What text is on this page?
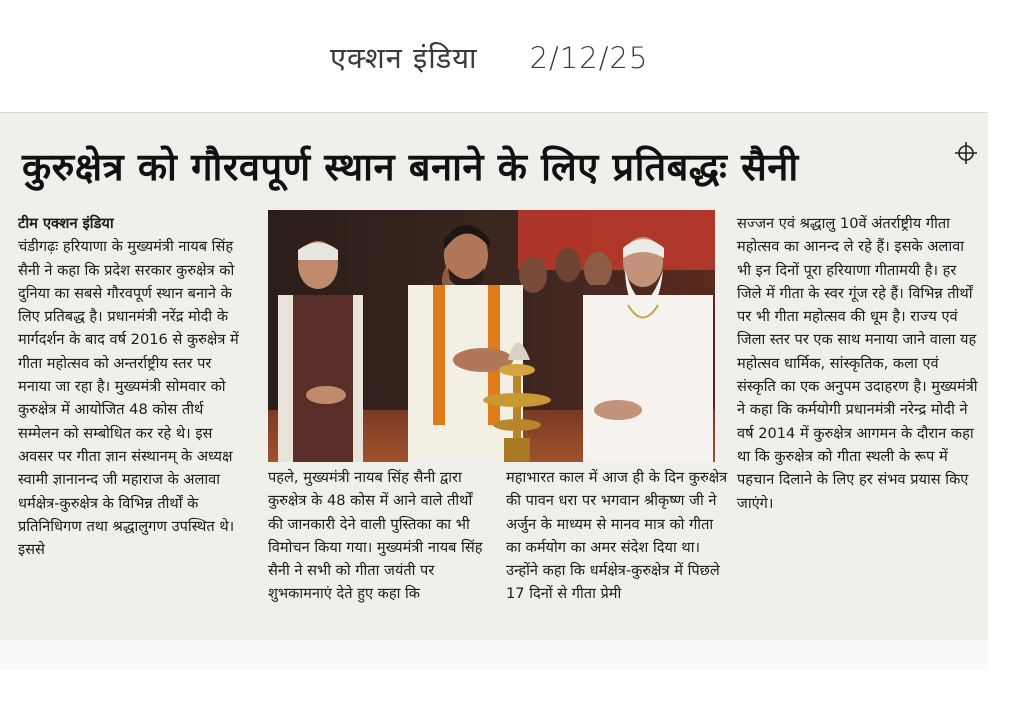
एक्शन इंडिया 2/12/25
कुरुक्षेत्र को गौरवपूर्ण स्थान बनाने के लिए प्रतिबद्धः सैनी

टीम एक्शन इंडिया

चंडीगढ़ः हरियाणा के मुख्यमंत्री नायब सिंह सैनी ने कहा कि प्रदेश सरकार कुरुक्षेत्र को दुनिया का सबसे गौरवपूर्ण स्थान बनाने के लिए प्रतिबद्ध है। प्रधानमंत्री नरेंद्र मोदी के मार्गदर्शन के बाद वर्ष 2016 से कुरुक्षेत्र में गीता महोत्सव को अन्तर्राष्ट्रीय स्तर पर मनाया जा रहा है। मुख्यमंत्री सोमवार को कुरुक्षेत्र में आयोजित 48 कोस तीर्थ सम्मेलन को सम्बोधित कर रहे थे। इस अवसर पर गीता ज्ञान संस्थानम् के अध्यक्ष स्वामी ज्ञानानन्द जी महाराज के अलावा धर्मक्षेत्र-कुरुक्षेत्र के विभिन्न तीर्थों के प्रतिनिधिगण तथा श्रद्धालुगण उपस्थित थे। इससे

पहले, मुख्यमंत्री नायब सिंह सैनी द्वारा कुरुक्षेत्र के 48 कोस में आने वाले तीर्थों की जानकारी देने वाली पुस्तिका का भी विमोचन किया गया। मुख्यमंत्री नायब सिंह सैनी ने सभी को गीता जयंती पर शुभकामनाएं देते हुए कहा कि

महाभारत काल में आज ही के दिन कुरुक्षेत्र की पावन धरा पर भगवान श्रीकृष्ण जी ने अर्जुन के माध्यम से मानव मात्र को गीता का कर्मयोग का अमर संदेश दिया था। उन्होंने कहा कि धर्मक्षेत्र-कुरुक्षेत्र में पिछले 17 दिनों से गीता प्रेमी

सज्जन एवं श्रद्धालु 10वें अंतर्राष्ट्रीय गीता महोत्सव का आनन्द ले रहे हैं। इसके अलावा भी इन दिनों पूरा हरियाणा गीतामयी है। हर जिले में गीता के स्वर गूंज रहे हैं। विभिन्न तीर्थों पर भी गीता महोत्सव की धूम है। राज्य एवं जिला स्तर पर एक साथ मनाया जाने वाला यह महोत्सव धार्मिक, सांस्कृतिक, कला एवं संस्कृति का एक अनुपम उदाहरण है। मुख्यमंत्री ने कहा कि कर्मयोगी प्रधानमंत्री नरेन्द्र मोदी ने वर्ष 2014 में कुरुक्षेत्र आगमन के दौरान कहा था कि कुरुक्षेत्र को गीता स्थली के रूप में पहचान दिलाने के लिए हर संभव प्रयास किए जाएंगे।
